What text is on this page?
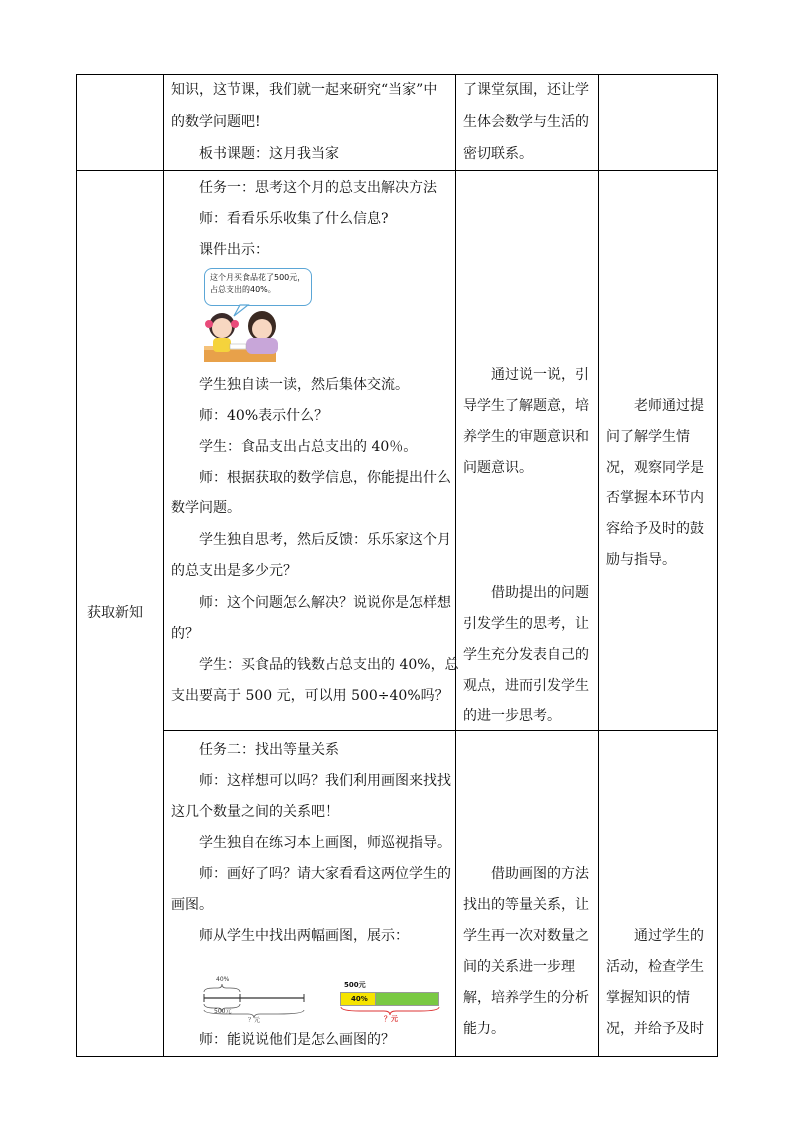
知识，这节课，我们就一起来研究“当家”中
的数学问题吧!
板书课题：这月我当家
了课堂氛围，还让学
生体会数学与生活的
密切联系。
获取新知
任务一：思考这个月的总支出解决方法
师：看看乐乐收集了什么信息?
课件出示：
这个月买食品花了500元，
占总支出的40%。
学生独自读一读，然后集体交流。
师：40%表示什么？
学生：食品支出占总支出的 40％。
师：根据获取的数学信息，你能提出什么
数学问题。
学生独自思考，然后反馈：乐乐家这个月
的总支出是多少元？
师：这个问题怎么解决？说说你是怎样想
的？
学生：买食品的钱数占总支出的 40%，总
支出要高于 500 元，可以用 500÷40%吗？
通过说一说，引
导学生了解题意，培
养学生的审题意识和
问题意识。
借助提出的问题
引发学生的思考，让
学生充分发表自己的
观点，进而引发学生
的进一步思考。
老师通过提
问了解学生情
况，观察同学是
否掌握本环节内
容给予及时的鼓
励与指导。
任务二：找出等量关系
师：这样想可以吗？我们利用画图来找找
这几个数量之间的关系吧！
学生独自在练习本上画图，师巡视指导。
师：画好了吗？请大家看看这两位学生的
画图。
师从学生中找出两幅画图，展示：
40%
500元
？元
500元
40%
？元
师：能说说他们是怎么画图的？
借助画图的方法
找出的等量关系，让
学生再一次对数量之
间的关系进一步理
解，培养学生的分析
能力。
通过学生的
活动，检查学生
掌握知识的情
况，并给予及时
